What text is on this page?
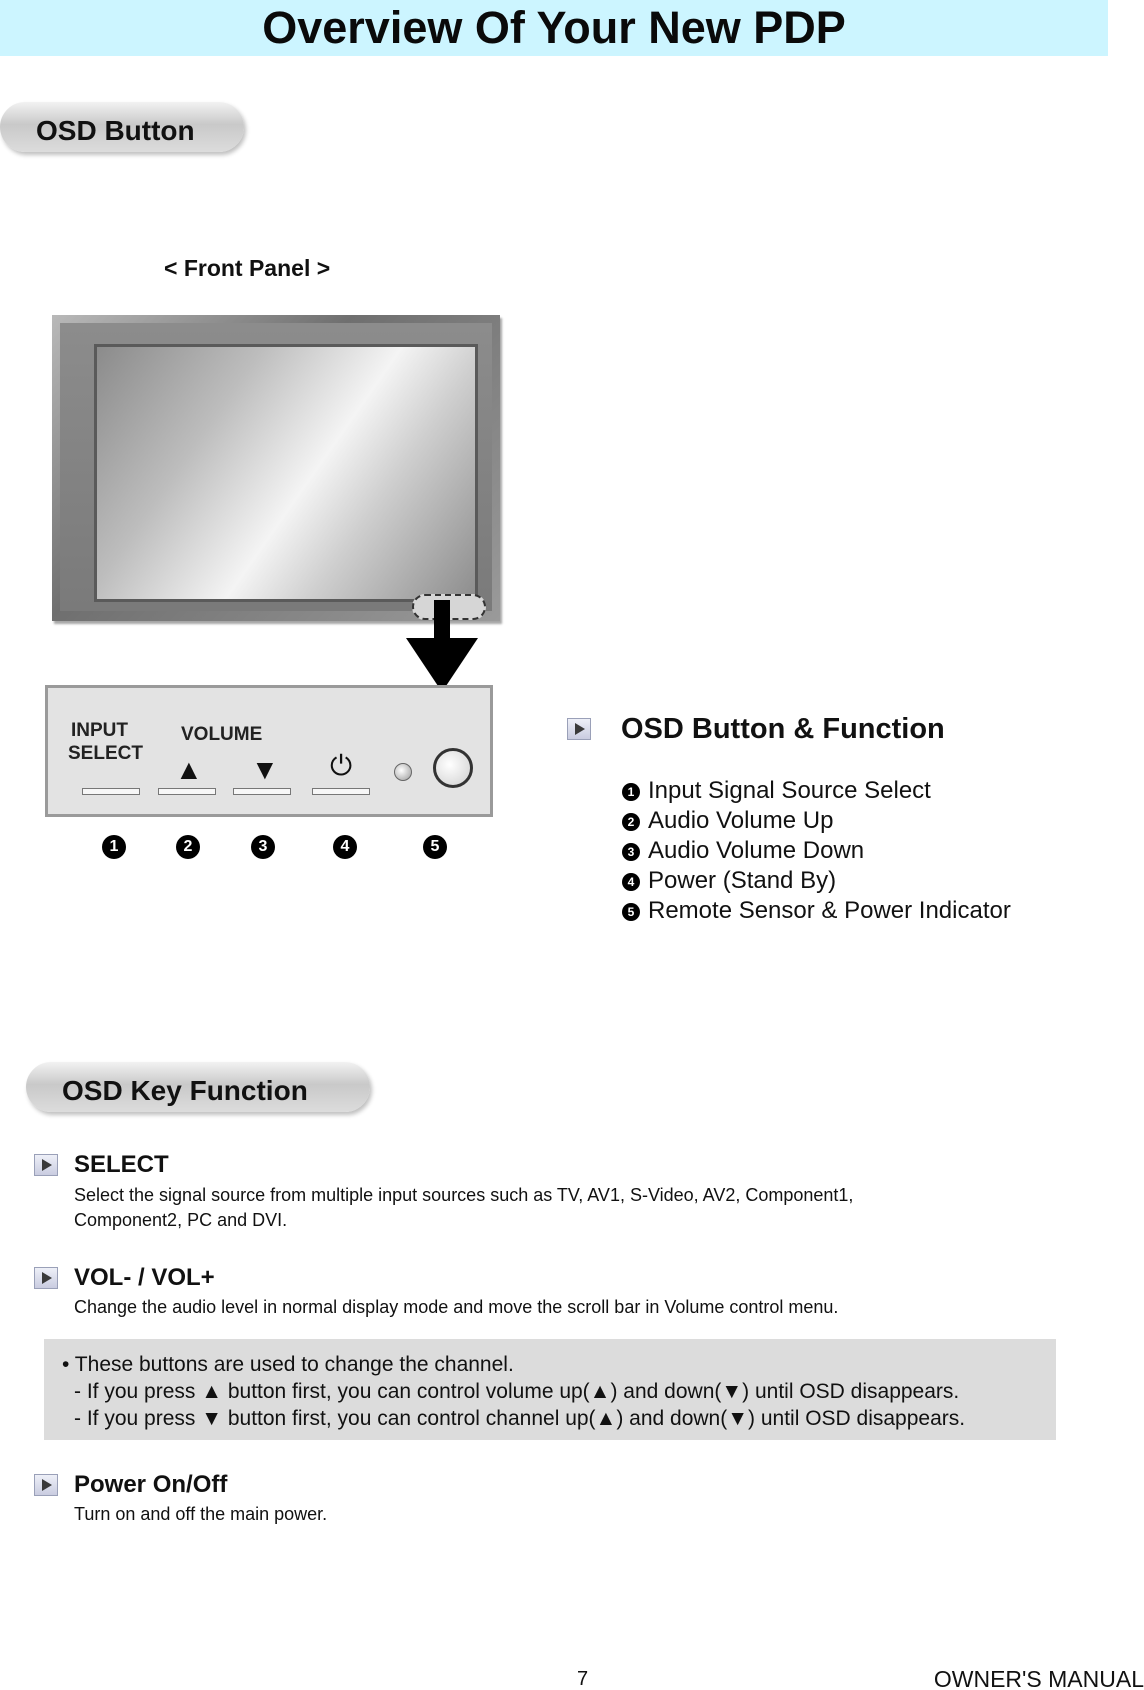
Overview Of Your New PDP
OSD Button
< Front Panel >
INPUT
SELECT
VOLUME
▲ ▼ ⏻
1	2	3	4	5
OSD Button & Function
1 Input Signal Source Select
2 Audio Volume Up
3 Audio Volume Down
4 Power (Stand By)
5 Remote Sensor & Power Indicator
OSD Key Function
SELECT
Select the signal source from multiple input sources such as TV, AV1, S-Video, AV2, Component1,
Component2, PC and DVI.
VOL- / VOL+
Change the audio level in normal display mode and move the scroll bar in Volume control menu.
• These buttons are used to change the channel.
- If you press ▲ button first, you can control volume up(▲) and down(▼) until OSD disappears.
- If you press ▼ button first, you can control channel up(▲) and down(▼) until OSD disappears.
Power On/Off
Turn on and off the main power.
7	OWNER'S MANUAL
